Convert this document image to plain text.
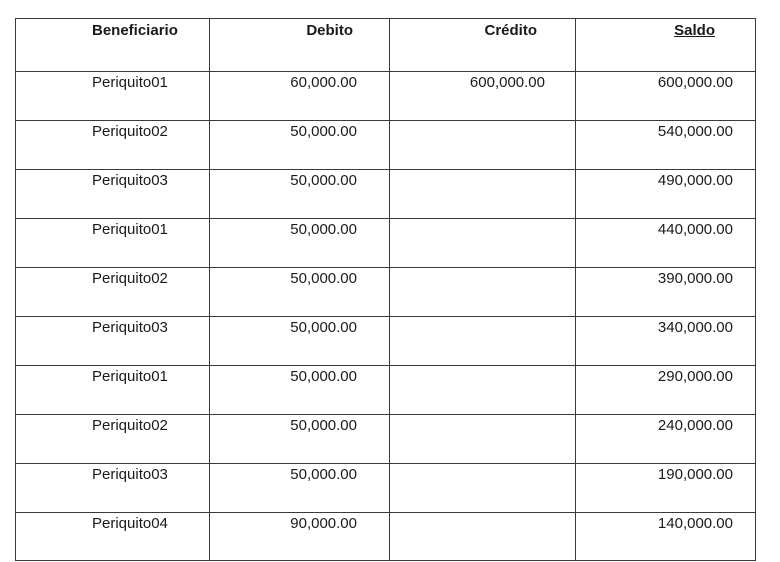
Beneficiario	Debito	Crédito	Saldo

Periquito01	60,000.00	600,000.00	600,000.00

Periquito02	50,000.00		540,000.00

Periquito03	50,000.00		490,000.00

Periquito01	50,000.00		440,000.00

Periquito02	50,000.00		390,000.00

Periquito03	50,000.00		340,000.00

Periquito01	50,000.00		290,000.00

Periquito02	50,000.00		240,000.00

Periquito03	50,000.00		190,000.00

Periquito04	90,000.00		140,000.00
